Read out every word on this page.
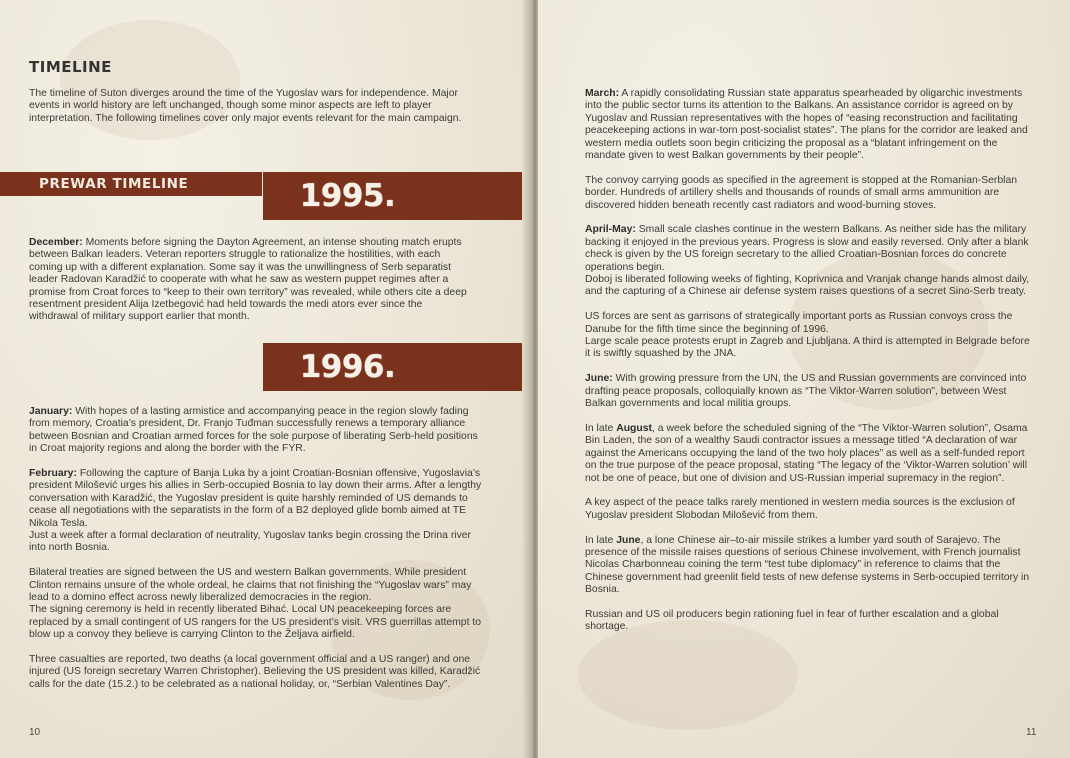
TIMELINE

The timeline of Suton diverges around the time of the Yugoslav wars for independence. Major events in world history are left unchanged, though some minor aspects are left to player interpretation. The following timelines cover only major events relevant for the main campaign.

PREWAR TIMELINE	1995.

December: Moments before signing the Dayton Agreement, an intense shouting match erupts between Balkan leaders. Veteran reporters struggle to rationalize the hostilities, with each coming up with a different explanation. Some say it was the unwillingness of Serb separatist leader Radovan Karadžić to cooperate with what he saw as western puppet regimes after a promise from Croat forces to “keep to their own territory” was revealed, while others cite a deep resentment president Alija Izetbegović had held towards the medi ators ever since the withdrawal of military support earlier that month.

1996.

January: With hopes of a lasting armistice and accompanying peace in the region slowly fading from memory, Croatia’s president, Dr. Franjo Tuđman successfully renews a temporary alliance between Bosnian and Croatian armed forces for the sole purpose of liberating Serb-held positions in Croat majority regions and along the border with the FYR.

February: Following the capture of Banja Luka by a joint Croatian-Bosnian offensive, Yugoslavia’s president Milošević urges his allies in Serb-occupied Bosnia to lay down their arms. After a lengthy conversation with Karadžić, the Yugoslav president is quite harshly reminded of US demands to cease all negotiations with the separatists in the form of a B2 deployed glide bomb aimed at TE Nikola Tesla.

Just a week after a formal declaration of neutrality, Yugoslav tanks begin crossing the Drina river into north Bosnia.

Bilateral treaties are signed between the US and western Balkan governments. While president Clinton remains unsure of the whole ordeal, he claims that not finishing the “Yugoslav wars” may lead to a domino effect across newly liberalized democracies in the region.

The signing ceremony is held in recently liberated Bihać. Local UN peacekeeping forces are replaced by a small contingent of US rangers for the US president’s visit. VRS guerrillas attempt to blow up a convoy they believe is carrying Clinton to the Željava airfield.

Three casualties are reported, two deaths (a local government official and a US ranger) and one injured (US foreign secretary Warren Christopher). Believing the US president was killed, Karadžić calls for the date (15.2.) to be celebrated as a national holiday, or, “Serbian Valentines Day”.

10

March: A rapidly consolidating Russian state apparatus spearheaded by oligarchic investments into the public sector turns its attention to the Balkans. An assistance corridor is agreed on by Yugoslav and Russian representatives with the hopes of “easing reconstruction and facilitating peacekeeping actions in war-torn post-socialist states”. The plans for the corridor are leaked and western media outlets soon begin criticizing the proposal as a “blatant infringement on the mandate given to west Balkan governments by their people”.

The convoy carrying goods as specified in the agreement is stopped at the Romanian-Serblan border. Hundreds of artillery shells and thousands of rounds of small arms ammunition are discovered hidden beneath recently cast radiators and wood-burning stoves.

April-May: Small scale clashes continue in the western Balkans. As neither side has the military backing it enjoyed in the previous years. Progress is slow and easily reversed. Only after a blank check is given by the US foreign secretary to the allied Croatian-Bosnian forces do concrete operations begin.

Doboj is liberated following weeks of fighting, Koprivnica and Vranjak change hands almost daily, and the capturing of a Chinese air defense system raises questions of a secret Sino-Serb treaty.

US forces are sent as garrisons of strategically important ports as Russian convoys cross the Danube for the fifth time since the beginning of 1996.

Large scale peace protests erupt in Zagreb and Ljubljana. A third is attempted in Belgrade before it is swiftly squashed by the JNA.

June: With growing pressure from the UN, the US and Russian governments are convinced into drafting peace proposals, colloquially known as “The Viktor-Warren solution”, between West Balkan governments and local militia groups.

In late August, a week before the scheduled signing of the “The Viktor-Warren solution”, Osama Bin Laden, the son of a wealthy Saudi contractor issues a message titled “A declaration of war against the Americans occupying the land of the two holy places” as well as a self-funded report on the true purpose of the peace proposal, stating “The legacy of the ‘Viktor-Warren solution’ will not be one of peace, but one of division and US-Russian imperial supremacy in the region”.

A key aspect of the peace talks rarely mentioned in western media sources is the exclusion of Yugoslav president Slobodan Milošević from them.

In late June, a lone Chinese air–to-air missile strikes a lumber yard south of Sarajevo. The presence of the missile raises questions of serious Chinese involvement, with French journalist Nicolas Charbonneau coining the term “test tube diplomacy” in reference to claims that the Chinese government had greenlit field tests of new defense systems in Serb-occupied territory in Bosnia.

Russian and US oil producers begin rationing fuel in fear of further escalation and a global shortage.

11
